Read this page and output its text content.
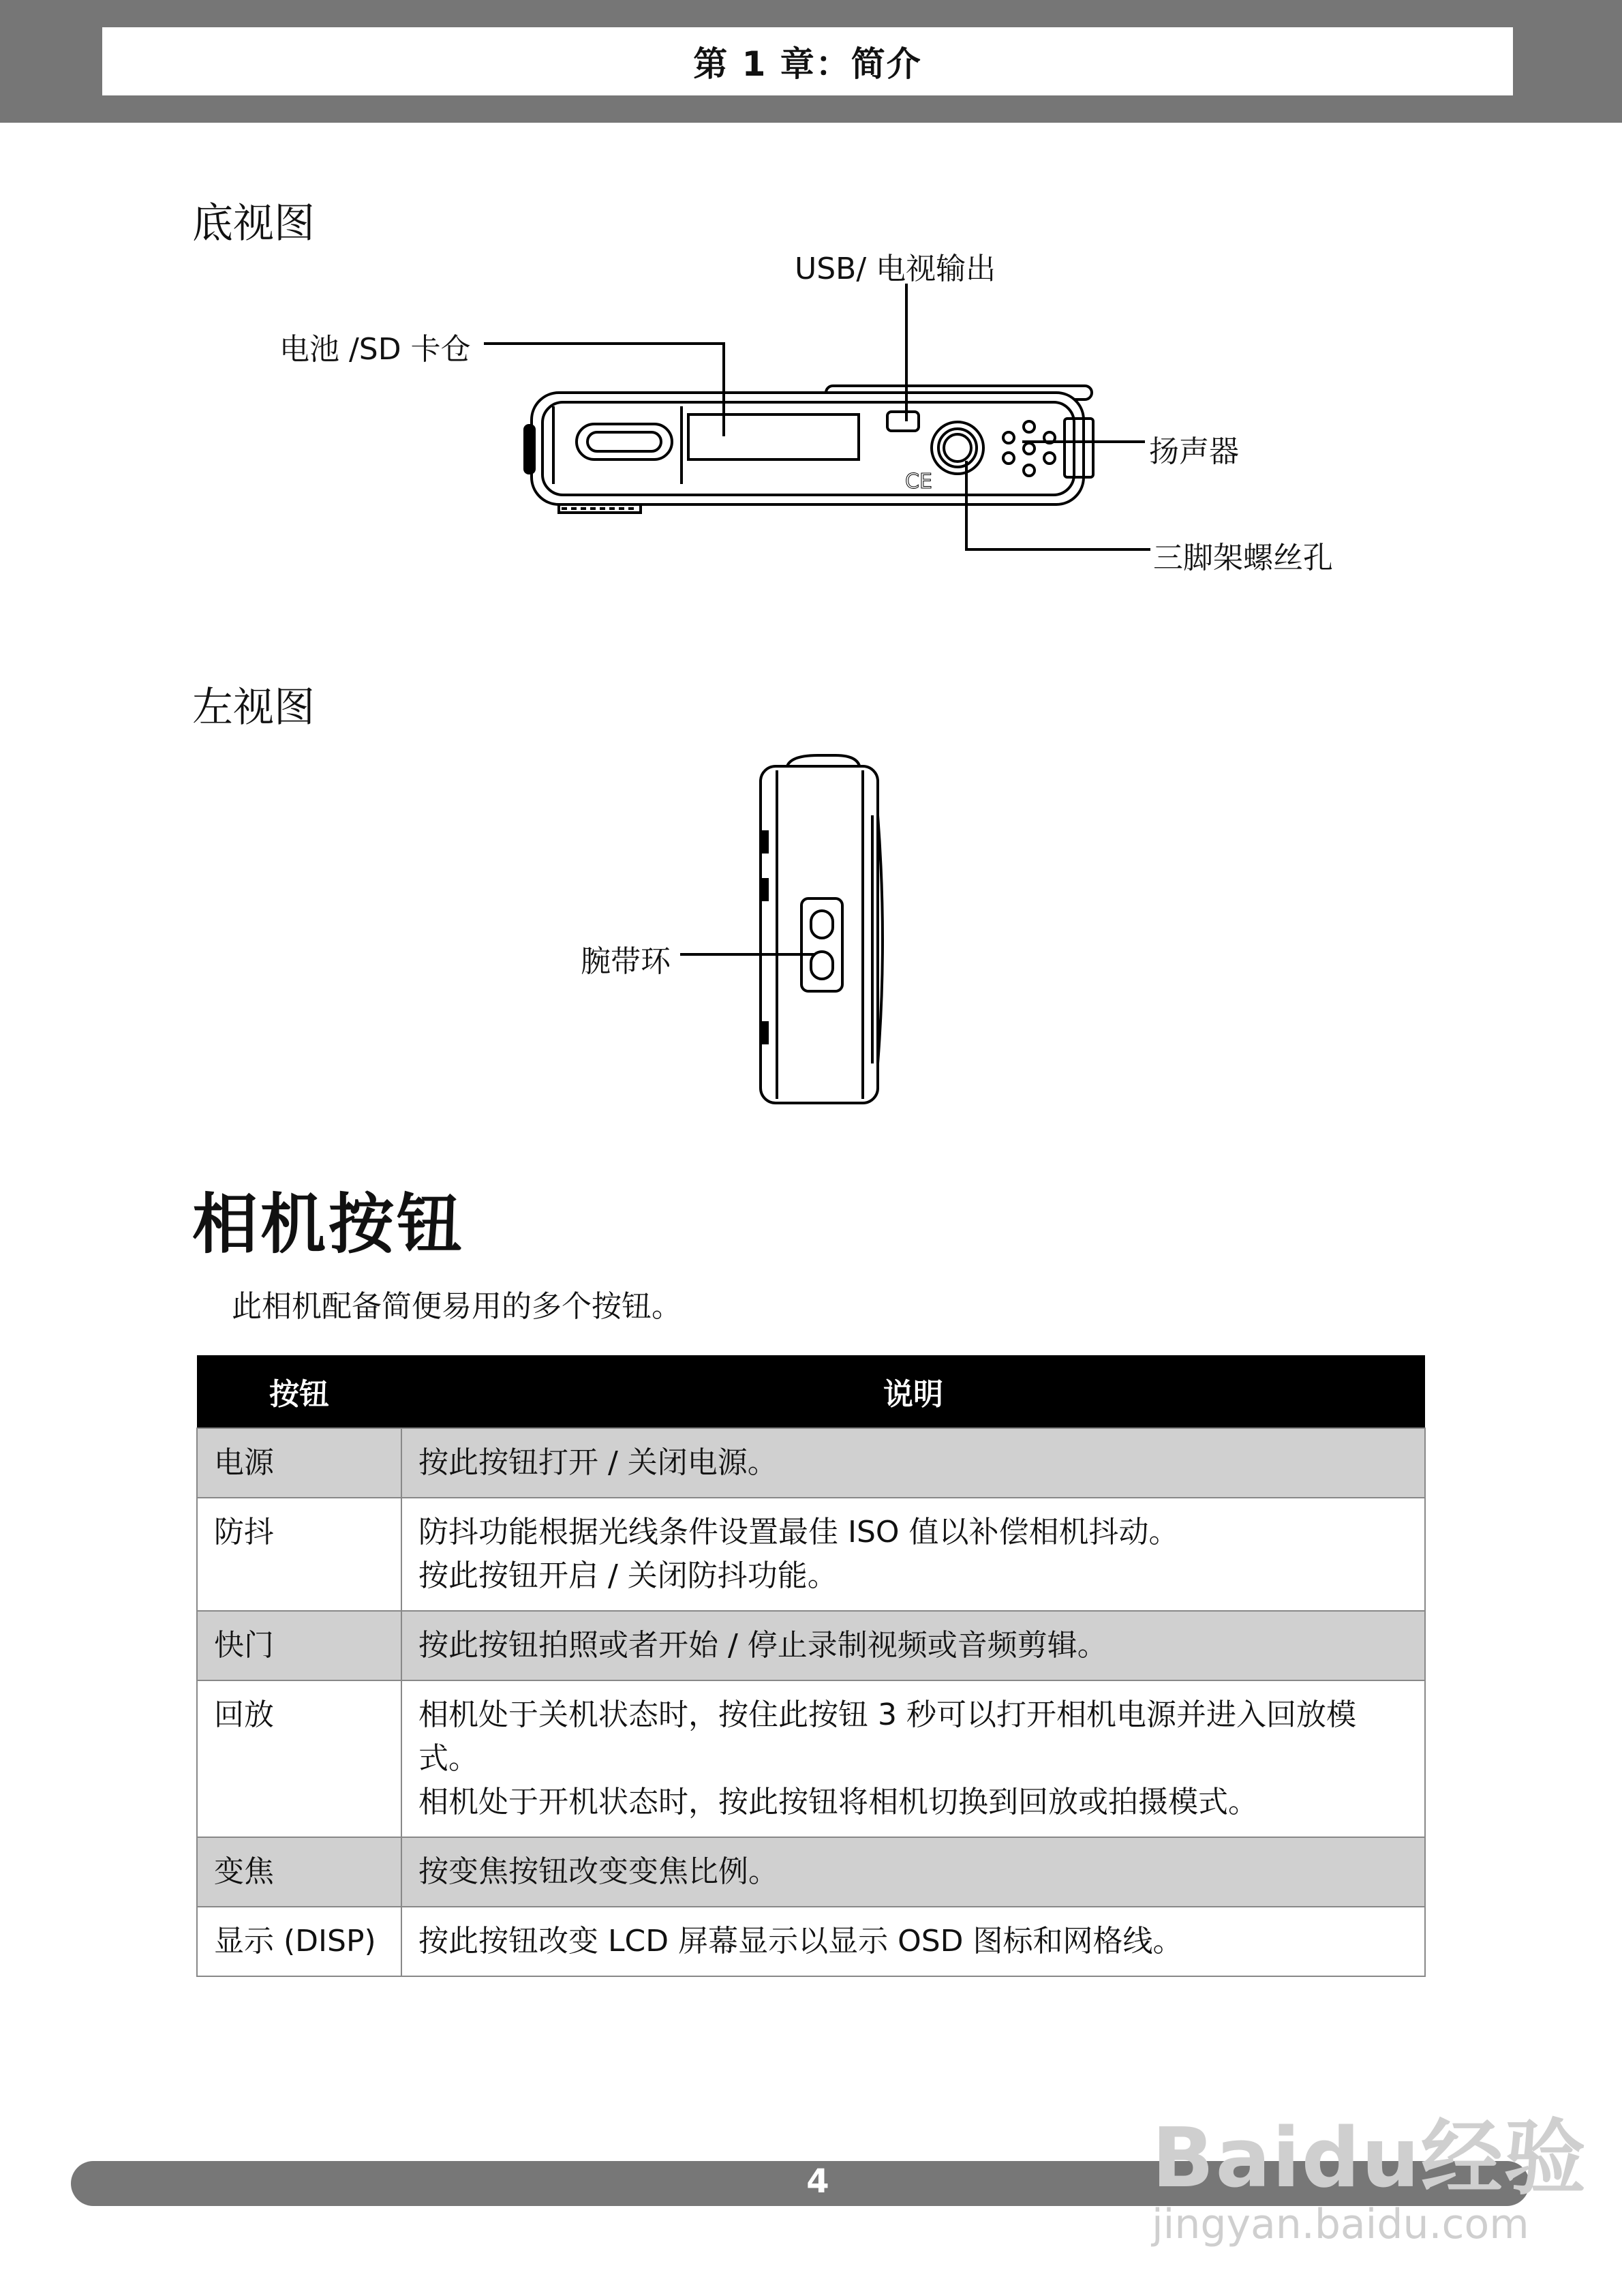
第 1 章：简介
底视图
USB/ 电视输出
电池 /SD 卡仓
扬声器
三脚架螺丝孔
CE
左视图
腕带环
相机按钮
此相机配备简便易用的多个按钮。
按钮	说明
电源	按此按钮打开 / 关闭电源。

防抖	防抖功能根据光线条件设置最佳 ISO 值以补偿相机抖动。
按此按钮开启 / 关闭防抖功能。

快门	按此按钮拍照或者开始 / 停止录制视频或音频剪辑。

回放	相机处于关机状态时，按住此按钮 3 秒可以打开相机电源并进入回放模式。
相机处于开机状态时，按此按钮将相机切换到回放或拍摄模式。

变焦	按变焦按钮改变变焦比例。

显示 (DISP)	按此按钮改变 LCD 屏幕显示以显示 OSD 图标和网格线。
4	Baidu经验
jingyan.baidu.com
